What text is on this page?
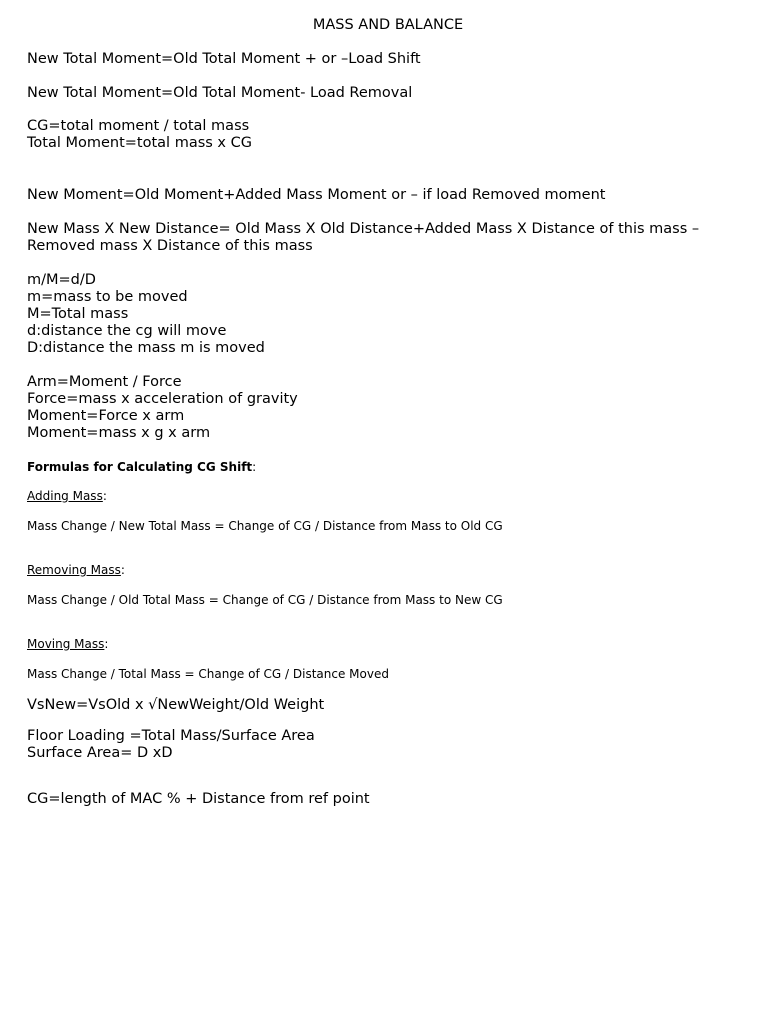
MASS AND BALANCE
New Total Moment=Old Total Moment + or –Load Shift
New Total Moment=Old Total Moment- Load Removal
CG=total moment / total mass
Total Moment=total mass x CG
New Moment=Old Moment+Added Mass Moment or – if load Removed moment
New Mass X New Distance= Old Mass X Old Distance+Added Mass X Distance of this mass –
Removed mass X Distance of this mass
m/M=d/D
m=mass to be moved
M=Total mass
d:distance the cg will move
D:distance the mass m is moved
Arm=Moment / Force
Force=mass x acceleration of gravity
Moment=Force x arm
Moment=mass x g x arm
Formulas for Calculating CG Shift:
Adding Mass:
Mass Change / New Total Mass = Change of CG / Distance from Mass to Old CG
Removing Mass:
Mass Change / Old Total Mass = Change of CG / Distance from Mass to New CG
Moving Mass:
Mass Change / Total Mass = Change of CG / Distance Moved
VsNew=VsOld x √NewWeight/Old Weight
Floor Loading =Total Mass/Surface Area
Surface Area= D xD
CG=length of MAC % + Distance from ref point
